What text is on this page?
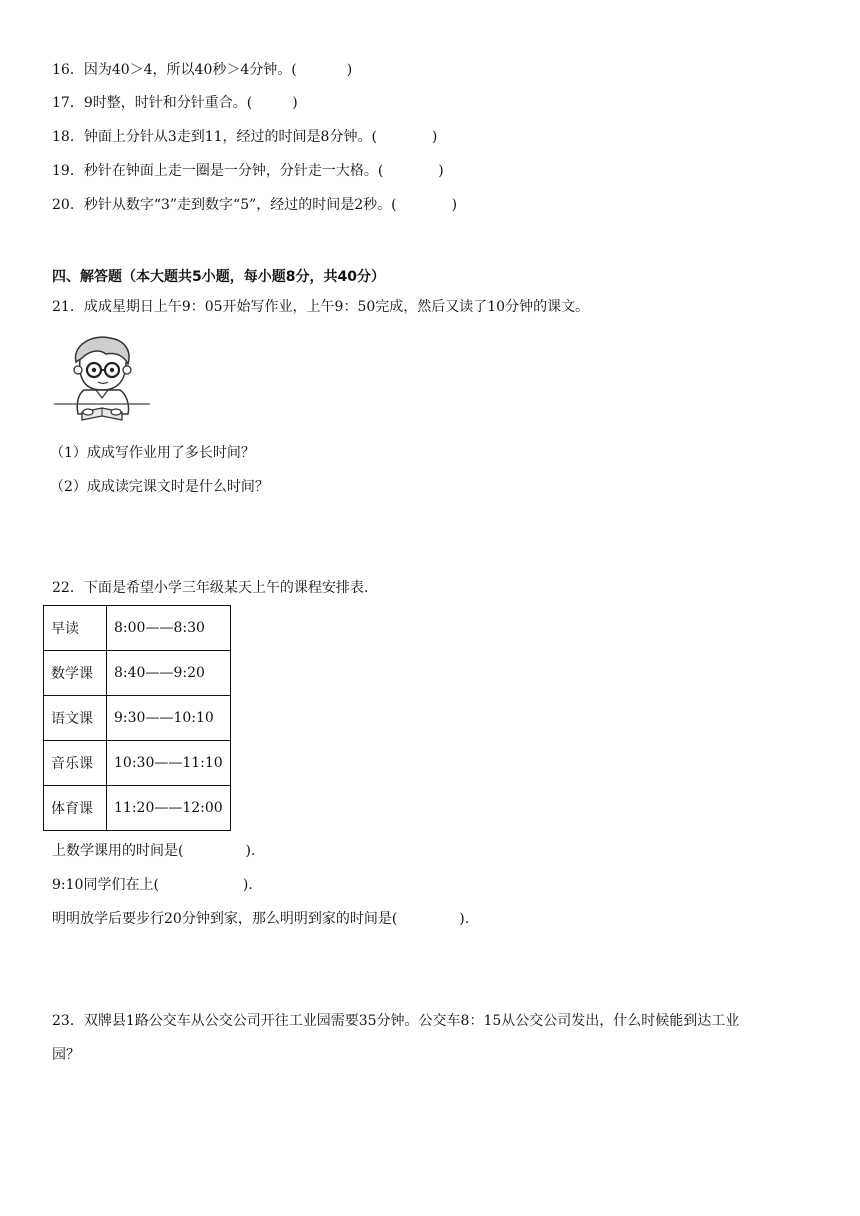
16．因为40＞4，所以40秒＞4分钟。(	)
17．9时整，时针和分针重合。(	)
18．钟面上分针从3走到11，经过的时间是8分钟。(	)
19．秒针在钟面上走一圈是一分钟，分针走一大格。(	)
20．秒针从数字“3”走到数字“5”，经过的时间是2秒。(	)
四、解答题（本大题共5小题，每小题8分，共40分）
21．成成星期日上午9：05开始写作业，上午9：50完成，然后又读了10分钟的课文。
（1）成成写作业用了多长时间？
（2）成成读完课文时是什么时间？
22．下面是希望小学三年级某天上午的课程安排表.
早读	8:00——8:30
数学课	8:40——9:20
语文课	9:30——10:10
音乐课	10:30——11:10
体育课	11:20——12:00
上数学课用的时间是(	).
9:10同学们在上(	).
明明放学后要步行20分钟到家，那么明明到家的时间是(	).
23．双牌县1路公交车从公交公司开往工业园需要35分钟。公交车8：15从公交公司发出，什么时候能到达工业
园？
